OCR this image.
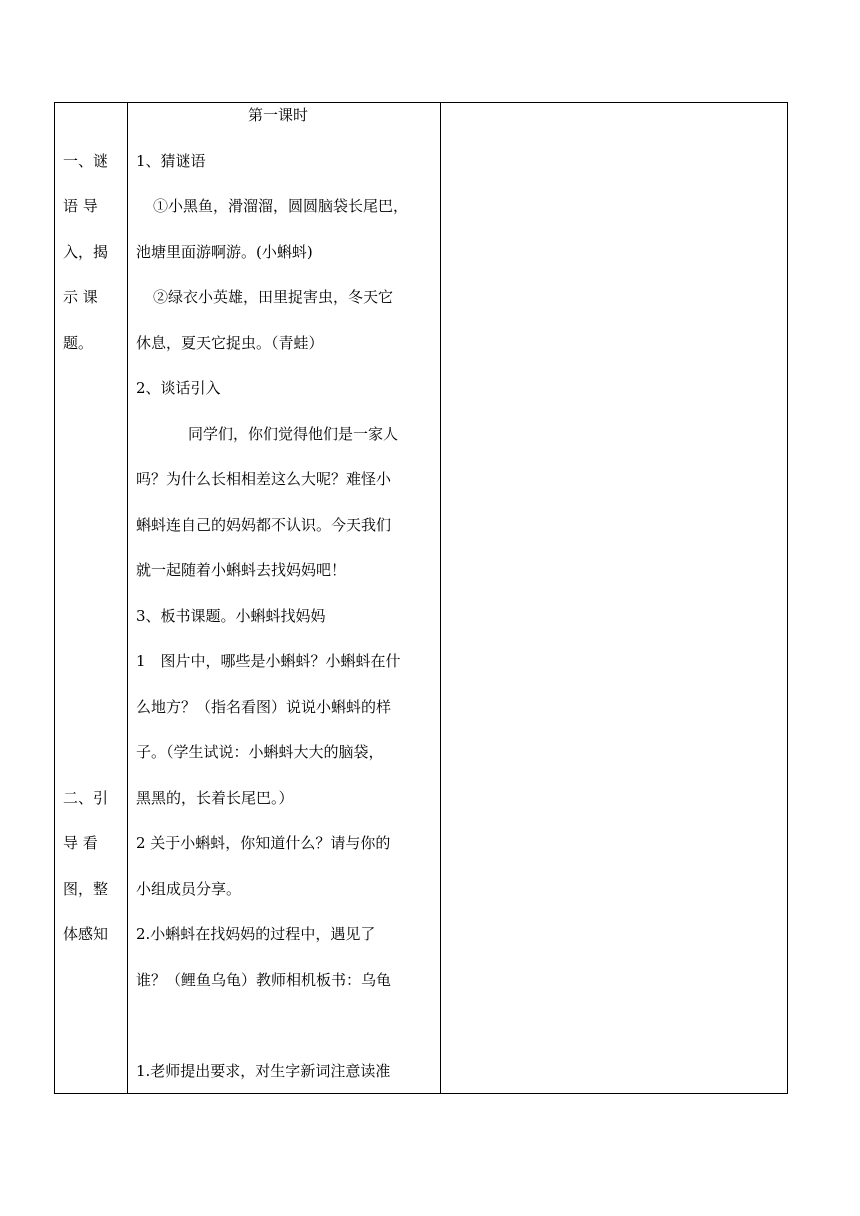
一、谜
语 导
入，揭
示 课
题。
二、引
导 看
图，整
体感知
第一课时
1、猜谜语
①小黑鱼，滑溜溜，圆圆脑袋长尾巴，
池塘里面游啊游。(小蝌蚪)
②绿衣小英雄，田里捉害虫，冬天它
休息，夏天它捉虫。（青蛙）
2、谈话引入
同学们，你们觉得他们是一家人
吗？为什么长相相差这么大呢？难怪小
蝌蚪连自己的妈妈都不认识。今天我们
就一起随着小蝌蚪去找妈妈吧！
3、板书课题。小蝌蚪找妈妈
1　图片中，哪些是小蝌蚪？小蝌蚪在什
么地方？（指名看图）说说小蝌蚪的样
子。（学生试说：小蝌蚪大大的脑袋，
黑黑的，长着长尾巴。）
2 关于小蝌蚪，你知道什么？请与你的
小组成员分享。
2.小蝌蚪在找妈妈的过程中，遇见了
谁？（鲤鱼乌龟）教师相机板书：乌龟
1.老师提出要求，对生字新词注意读准
